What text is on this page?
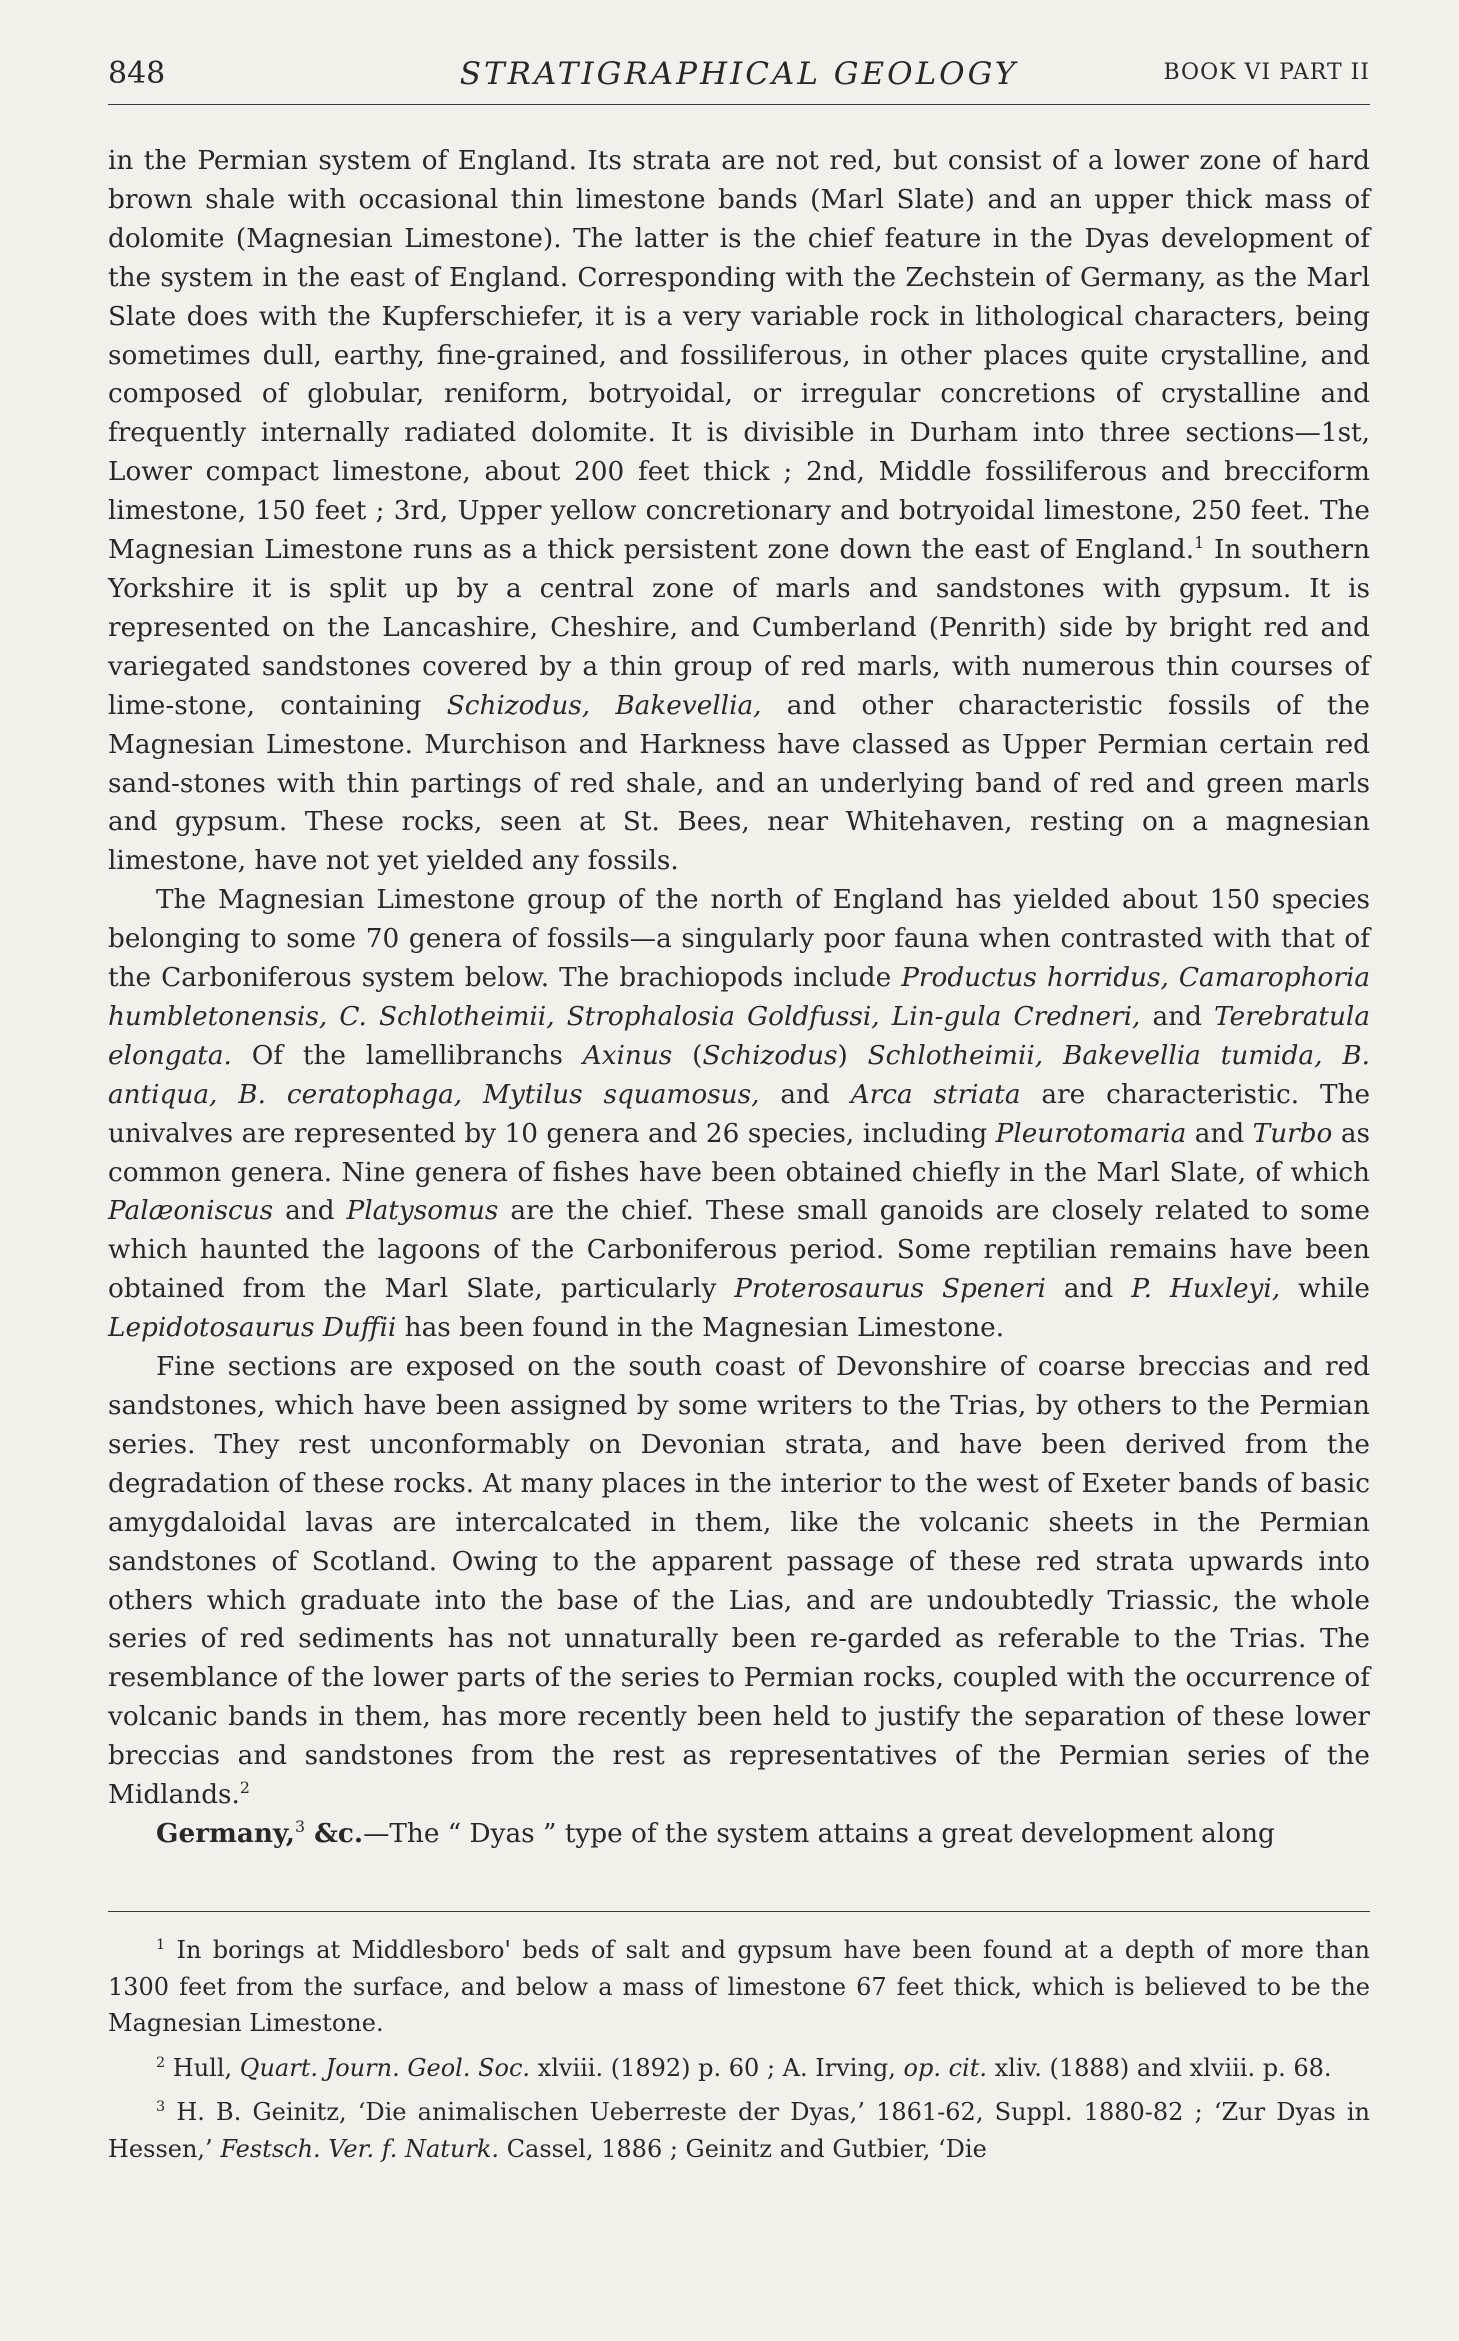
848	STRATIGRAPHICAL GEOLOGY	BOOK VI PART II

in the Permian system of England. Its strata are not red, but consist of a lower zone of hard brown shale with occasional thin limestone bands (Marl Slate) and an upper thick mass of dolomite (Magnesian Limestone). The latter is the chief feature in the Dyas development of the system in the east of England. Corresponding with the Zechstein of Germany, as the Marl Slate does with the Kupferschiefer, it is a very variable rock in lithological characters, being sometimes dull, earthy, fine-grained, and fossiliferous, in other places quite crystalline, and composed of globular, reniform, botryoidal, or irregular concretions of crystalline and frequently internally radiated dolomite. It is divisible in Durham into three sections—1st, Lower compact limestone, about 200 feet thick ; 2nd, Middle fossiliferous and brecciform limestone, 150 feet ; 3rd, Upper yellow concretionary and botryoidal limestone, 250 feet. The Magnesian Limestone runs as a thick persistent zone down the east of England.$^1$ In southern Yorkshire it is split up by a central zone of marls and sandstones with gypsum. It is represented on the Lancashire, Cheshire, and Cumberland (Penrith) side by bright red and variegated sandstones covered by a thin group of red marls, with numerous thin courses of lime-stone, containing Schizodus, Bakevellia, and other characteristic fossils of the Magnesian Limestone. Murchison and Harkness have classed as Upper Permian certain red sand-stones with thin partings of red shale, and an underlying band of red and green marls and gypsum. These rocks, seen at St. Bees, near Whitehaven, resting on a magnesian limestone, have not yet yielded any fossils.

The Magnesian Limestone group of the north of England has yielded about 150 species belonging to some 70 genera of fossils—a singularly poor fauna when contrasted with that of the Carboniferous system below. The brachiopods include Productus horridus, Camarophoria humbletonensis, C. Schlotheimii, Strophalosia Goldfussi, Lin-gula Credneri, and Terebratula elongata. Of the lamellibranchs Axinus (Schizodus) Schlotheimii, Bakevellia tumida, B. antiqua, B. ceratophaga, Mytilus squamosus, and Arca striata are characteristic. The univalves are represented by 10 genera and 26 species, including Pleurotomaria and Turbo as common genera. Nine genera of fishes have been obtained chiefly in the Marl Slate, of which Palæoniscus and Platysomus are the chief. These small ganoids are closely related to some which haunted the lagoons of the Carboniferous period. Some reptilian remains have been obtained from the Marl Slate, particularly Proterosaurus Speneri and P. Huxleyi, while Lepidotosaurus Duffii has been found in the Magnesian Limestone.

Fine sections are exposed on the south coast of Devonshire of coarse breccias and red sandstones, which have been assigned by some writers to the Trias, by others to the Permian series. They rest unconformably on Devonian strata, and have been derived from the degradation of these rocks. At many places in the interior to the west of Exeter bands of basic amygdaloidal lavas are intercalcated in them, like the volcanic sheets in the Permian sandstones of Scotland. Owing to the apparent passage of these red strata upwards into others which graduate into the base of the Lias, and are undoubtedly Triassic, the whole series of red sediments has not unnaturally been re-garded as referable to the Trias. The resemblance of the lower parts of the series to Permian rocks, coupled with the occurrence of volcanic bands in them, has more recently been held to justify the separation of these lower breccias and sandstones from the rest as representatives of the Permian series of the Midlands.$^2$

Germany,$^3$ &c.—The “ Dyas ” type of the system attains a great development along

$^1$ In borings at Middlesboro' beds of salt and gypsum have been found at a depth of more than 1300 feet from the surface, and below a mass of limestone 67 feet thick, which is believed to be the Magnesian Limestone.

$^2$ Hull, Quart. Journ. Geol. Soc. xlviii. (1892) p. 60 ; A. Irving, op. cit. xliv. (1888) and xlviii. p. 68.

$^3$ H. B. Geinitz, ‘Die animalischen Ueberreste der Dyas,’ 1861-62, Suppl. 1880-82 ; ‘Zur Dyas in Hessen,’ Festsch. Ver. f. Naturk. Cassel, 1886 ; Geinitz and Gutbier, ‘Die
